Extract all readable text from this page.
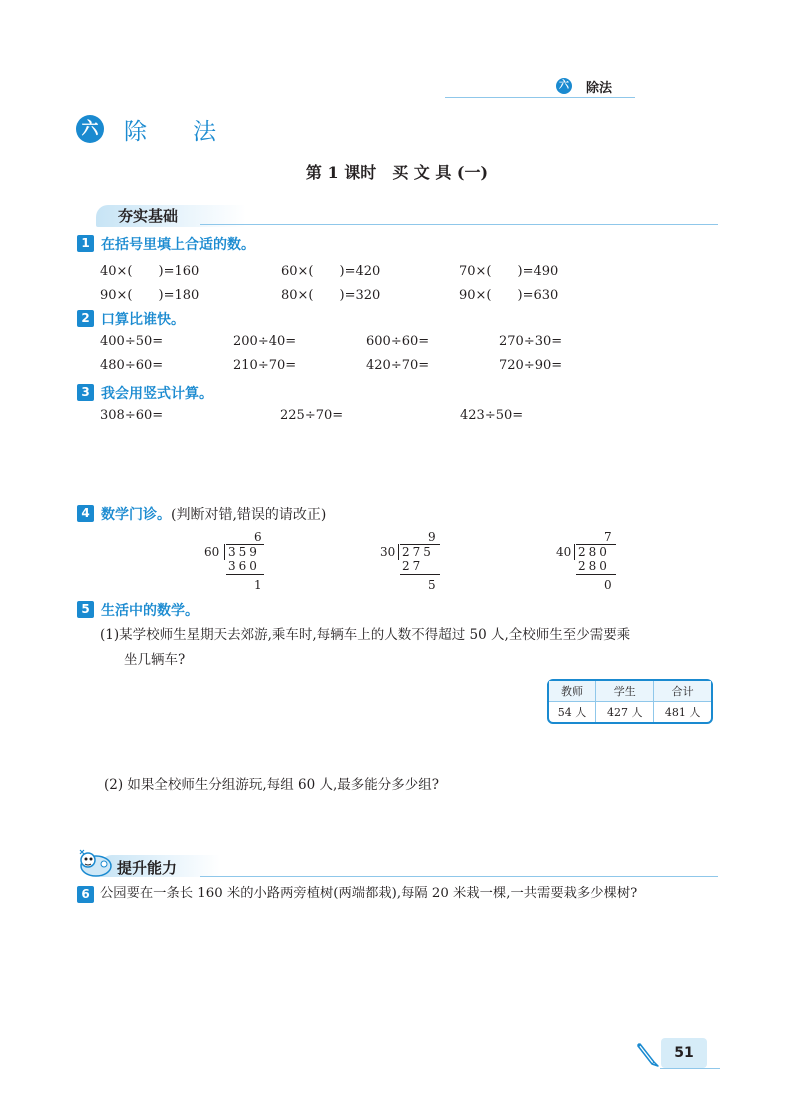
六 除法
六 除法
第 1 课时　买 文 具 (一)
夯实基础
1 在括号里填上合适的数。
40×(　　)=160	60×(　　)=420	70×(　　)=490
90×(　　)=180	80×(　　)=320	90×(　　)=630
2 口算比谁快。
400÷50=	200÷40=	600÷60=	270÷30=
480÷60=	210÷70=	420÷70=	720÷90=
3 我会用竖式计算。
308÷60=	225÷70=	423÷50=
4 数学门诊。(判断对错,错误的请改正)
6
60 359
360
1
9
30 275
27
5
7
40 280
280
0
5 生活中的数学。
(1)某学校师生星期天去郊游,乘车时,每辆车上的人数不得超过 50 人,全校师生至少需要乘
坐几辆车?
教师	学生	合计
54 人	427 人	481 人
(2) 如果全校师生分组游玩,每组 60 人,最多能分多少组?
提升能力
6 公园要在一条长 160 米的小路两旁植树(两端都栽),每隔 20 米栽一棵,一共需要栽多少棵树?
51
